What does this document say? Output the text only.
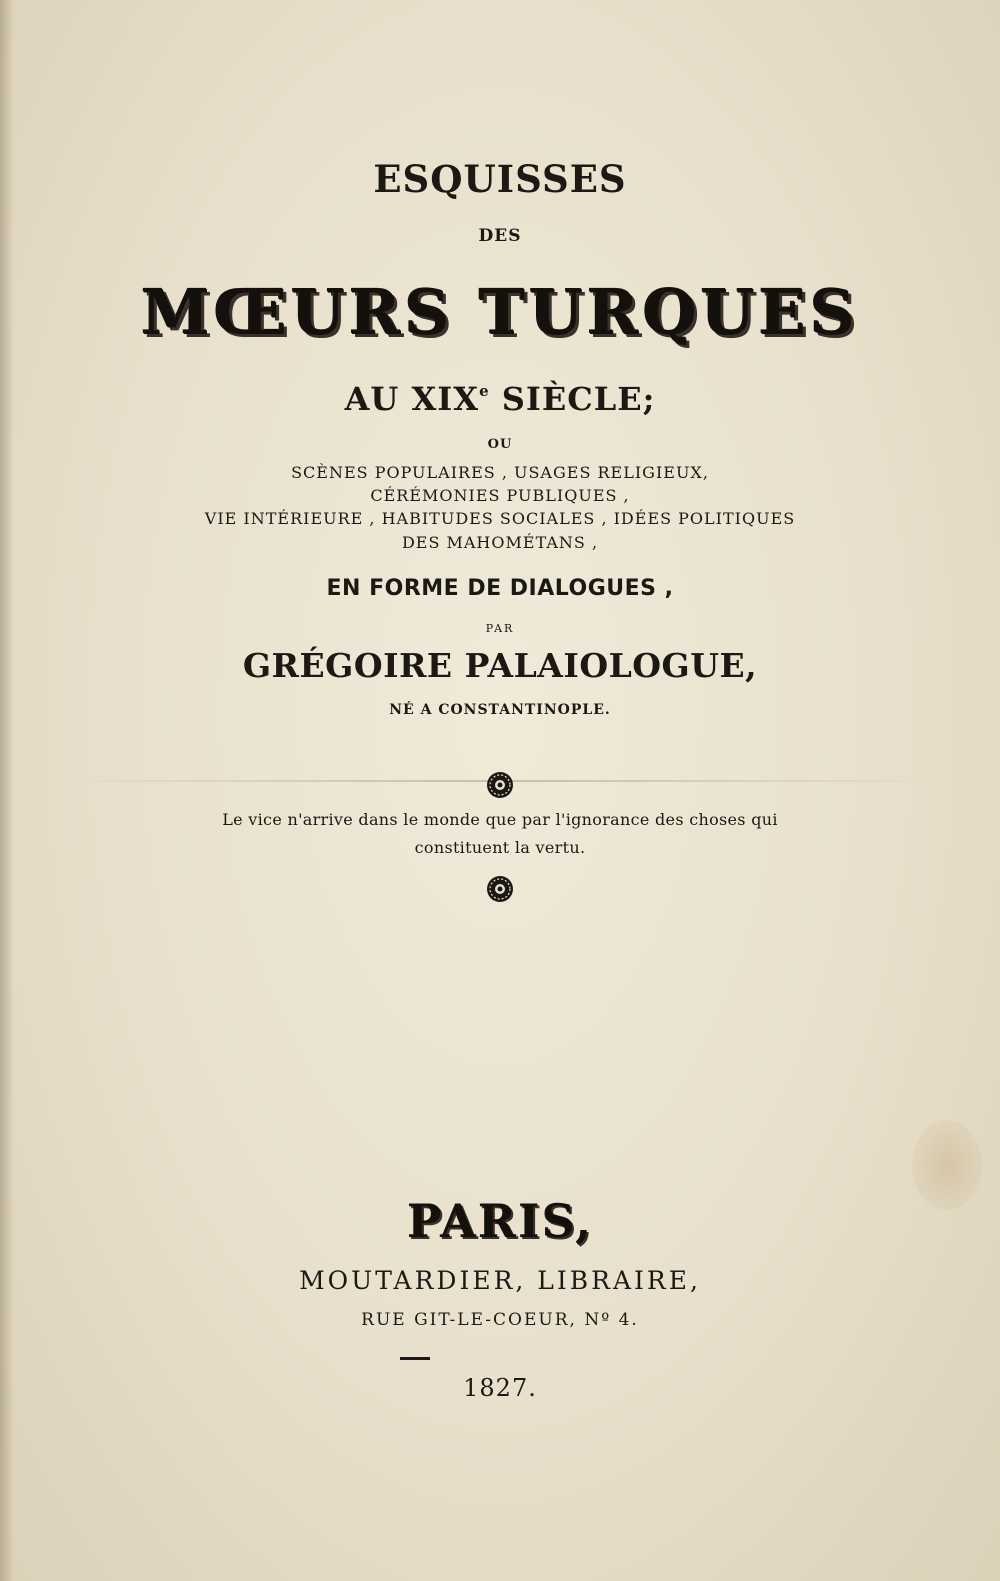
ESQUISSES
DES
MŒURS TURQUES
AU XIXe SIÈCLE;
OU
SCÈNES POPULAIRES , USAGES RELIGIEUX,
CÉRÉMONIES PUBLIQUES ,
VIE INTÉRIEURE , HABITUDES SOCIALES , IDÉES POLITIQUES
DES MAHOMÉTANS ,
EN FORME DE DIALOGUES ,
PAR
GRÉGOIRE PALAIOLOGUE,
NÉ A CONSTANTINOPLE.
Le vice n'arrive dans le monde que par l'ignorance des choses qui
constituent la vertu.
PARIS,
MOUTARDIER, LIBRAIRE,
RUE GIT-LE-COEUR, Nº 4.
1827.
